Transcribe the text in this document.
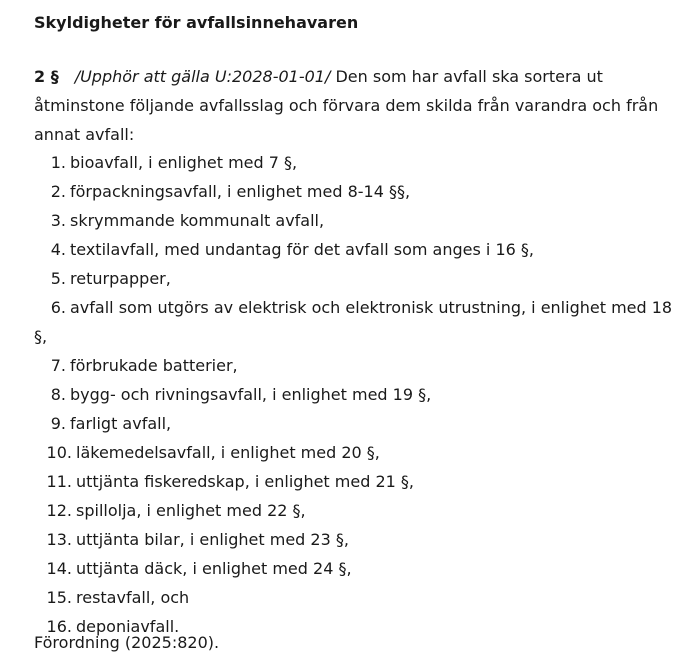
Skyldigheter för avfallsinnehavaren
2 § /Upphör att gälla U:2028-01-01/ Den som har avfall ska sortera ut
åtminstone följande avfallsslag och förvara dem skilda från varandra och från
annat avfall:
1. bioavfall, i enlighet med 7 §,
2. förpackningsavfall, i enlighet med 8-14 §§,
3. skrymmande kommunalt avfall,
4. textilavfall, med undantag för det avfall som anges i 16 §,
5. returpapper,
6. avfall som utgörs av elektrisk och elektronisk utrustning, i enlighet med 18
§,
7. förbrukade batterier,
8. bygg- och rivningsavfall, i enlighet med 19 §,
9. farligt avfall,
10. läkemedelsavfall, i enlighet med 20 §,
11. uttjänta fiskeredskap, i enlighet med 21 §,
12. spillolja, i enlighet med 22 §,
13. uttjänta bilar, i enlighet med 23 §,
14. uttjänta däck, i enlighet med 24 §,
15. restavfall, och
16. deponiavfall.
Förordning (2025:820).
